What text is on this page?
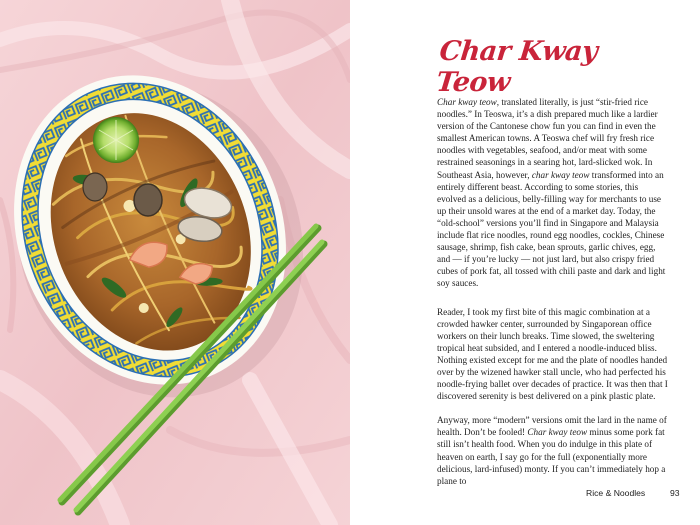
Char Kway Teow

Char kway teow, translated literally, is just “stir-fried rice noodles.” In Teoswa, it’s a dish prepared much like a lardier version of the Cantonese chow fun you can find in even the smallest American towns. A Teoswa chef will fry fresh rice noodles with vegetables, seafood, and/or meat with some restrained seasonings in a searing hot, lard-slicked wok. In Southeast Asia, however, char kway teow transformed into an entirely different beast. According to some stories, this evolved as a delicious, belly-filling way for merchants to use up their unsold wares at the end of a market day. Today, the “old-school” versions you’ll find in Singapore and Malaysia include flat rice noodles, round egg noodles, cockles, Chinese sausage, shrimp, fish cake, bean sprouts, garlic chives, egg, and — if you’re lucky — not just lard, but also crispy fried cubes of pork fat, all tossed with chili paste and dark and light soy sauces.

Reader, I took my first bite of this magic combination at a crowded hawker center, surrounded by Singaporean office workers on their lunch breaks. Time slowed, the sweltering tropical heat subsided, and I entered a noodle-induced bliss. Nothing existed except for me and the plate of noodles handed over by the wizened hawker stall uncle, who had perfected his noodle-frying ballet over decades of practice. It was then that I discovered serenity is best delivered on a pink plastic plate.

Anyway, more “modern” versions omit the lard in the name of health. Don’t be fooled! Char kway teow minus some pork fat still isn’t health food. When you do indulge in this plate of heaven on earth, I say go for the full (exponentially more delicious, lard-infused) monty. If you can’t immediately hop a plane to

Rice & Noodles	93
